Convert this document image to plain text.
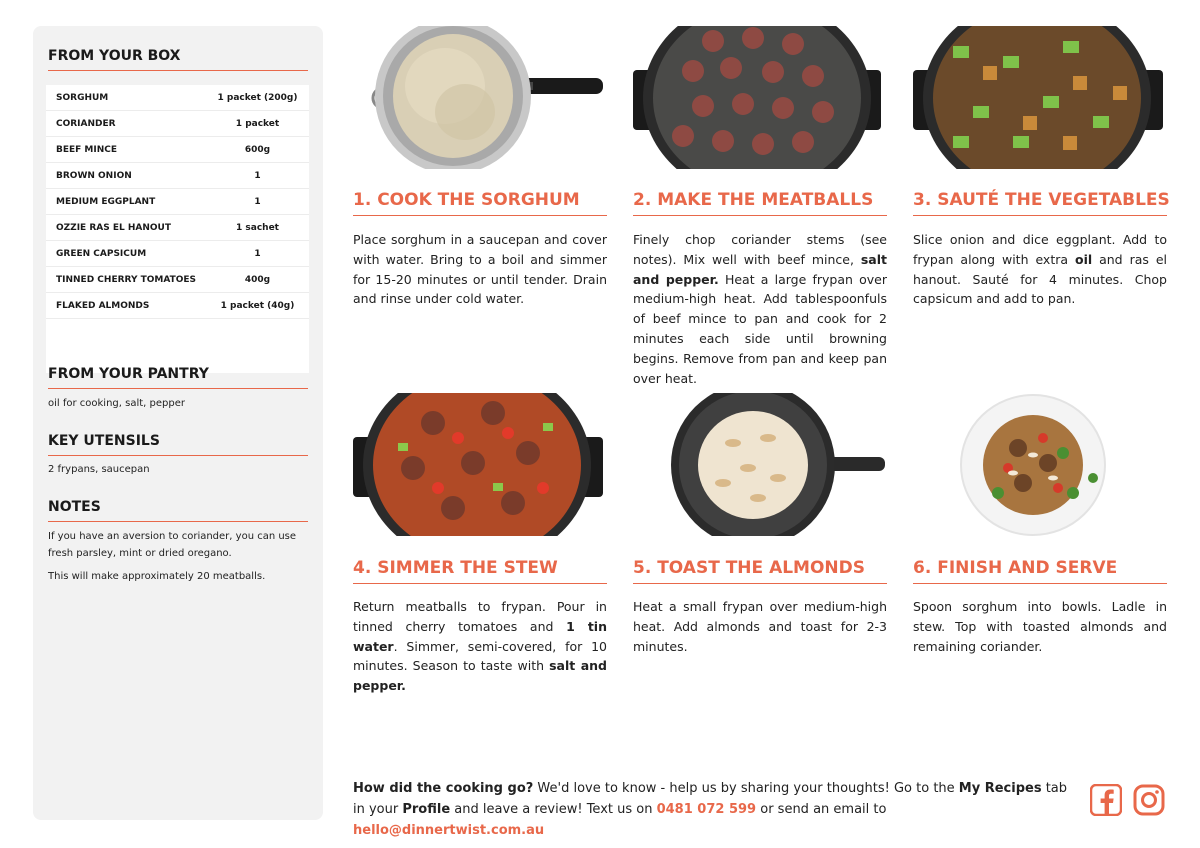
FROM YOUR BOX
SORGHUM	1 packet (200g)
CORIANDER	1 packet
BEEF MINCE	600g
BROWN ONION	1
MEDIUM EGGPLANT	1
OZZIE RAS EL HANOUT	1 sachet
GREEN CAPSICUM	1
TINNED CHERRY TOMATOES	400g
FLAKED ALMONDS	1 packet (40g)
FROM YOUR PANTRY
oil for cooking, salt, pepper
KEY UTENSILS
2 frypans, saucepan
NOTES
If you have an aversion to coriander, you can use fresh parsley, mint or dried oregano.
This will make approximately 20 meatballs.
1. COOK THE SORGHUM	2. MAKE THE MEATBALLS	3. SAUTÉ THE VEGETABLES
4. SIMMER THE STEW	5. TOAST THE ALMONDS	6. FINISH AND SERVE
Place sorghum in a saucepan and cover with water. Bring to a boil and simmer for 15-20 minutes or until tender. Drain and rinse under cold water.
Finely chop coriander stems (see notes). Mix well with beef mince, salt and pepper. Heat a large frypan over medium-high heat. Add tablespoonfuls of beef mince to pan and cook for 2 minutes each side until browning begins. Remove from pan and keep pan over heat.
Slice onion and dice eggplant. Add to frypan along with extra oil and ras el hanout. Sauté for 4 minutes. Chop capsicum and add to pan.
Return meatballs to frypan. Pour in tinned cherry tomatoes and 1 tin water. Simmer, semi-covered, for 10 minutes. Season to taste with salt and pepper.
Heat a small frypan over medium-high heat. Add almonds and toast for 2-3 minutes.
Spoon sorghum into bowls. Ladle in stew. Top with toasted almonds and remaining coriander.
How did the cooking go? We'd love to know - help us by sharing your thoughts! Go to the My Recipes tab in your Profile and leave a review! Text us on 0481 072 599 or send an email to hello@dinnertwist.com.au
